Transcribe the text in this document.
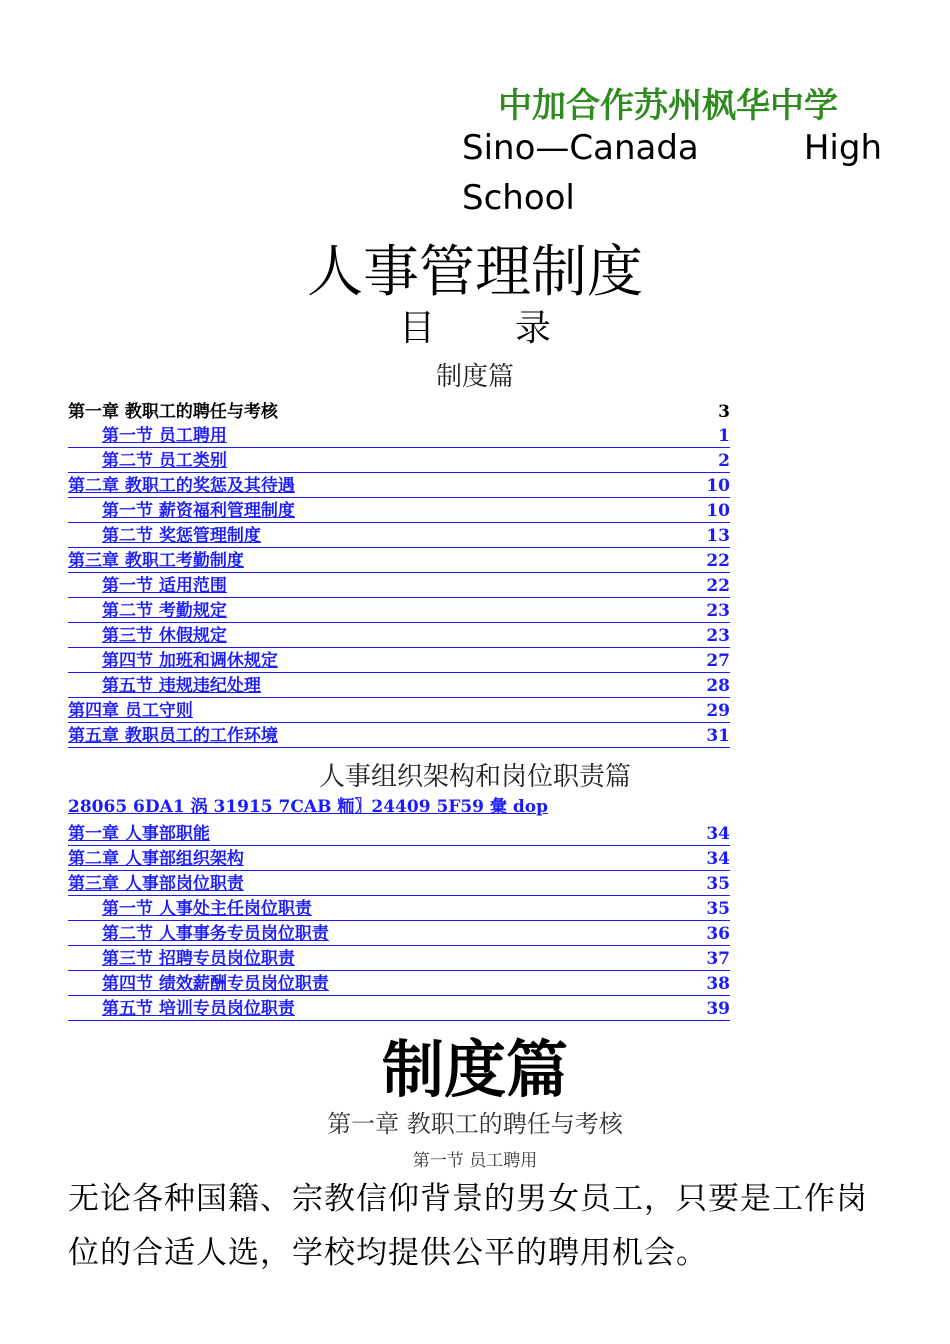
中加合作苏州枫华中学
Sino—Canada	High
School
人事管理制度
目录
制度篇
第一章 教职工的聘任与考核	3
第一节 员工聘用	1
第二节 员工类别	2
第二章 教职工的奖惩及其待遇	10
第一节 薪资福利管理制度	10
第二节 奖惩管理制度	13
第三章 教职工考勤制度	22
第一节 适用范围	22
第二节 考勤规定	23
第三节 休假规定	23
第四节 加班和调休规定	27
第五节 违规违纪处理	28
第四章 员工守则	29
第五章 教职员工的工作环境	31
人事组织架构和岗位职责篇
28065 6DA1 涡 31915 7CAB 粫〗24409 5F59 彙 dop
第一章 人事部职能	34
第二章 人事部组织架构	34
第三章 人事部岗位职责	35
第一节 人事处主任岗位职责	35
第二节 人事事务专员岗位职责	36
第三节 招聘专员岗位职责	37
第四节 绩效薪酬专员岗位职责	38
第五节 培训专员岗位职责	39
制度篇
第一章 教职工的聘任与考核
第一节 员工聘用
无论各种国籍、宗教信仰背景的男女员工，只要是工作岗位的合适人选，学校均提供公平的聘用机会。
